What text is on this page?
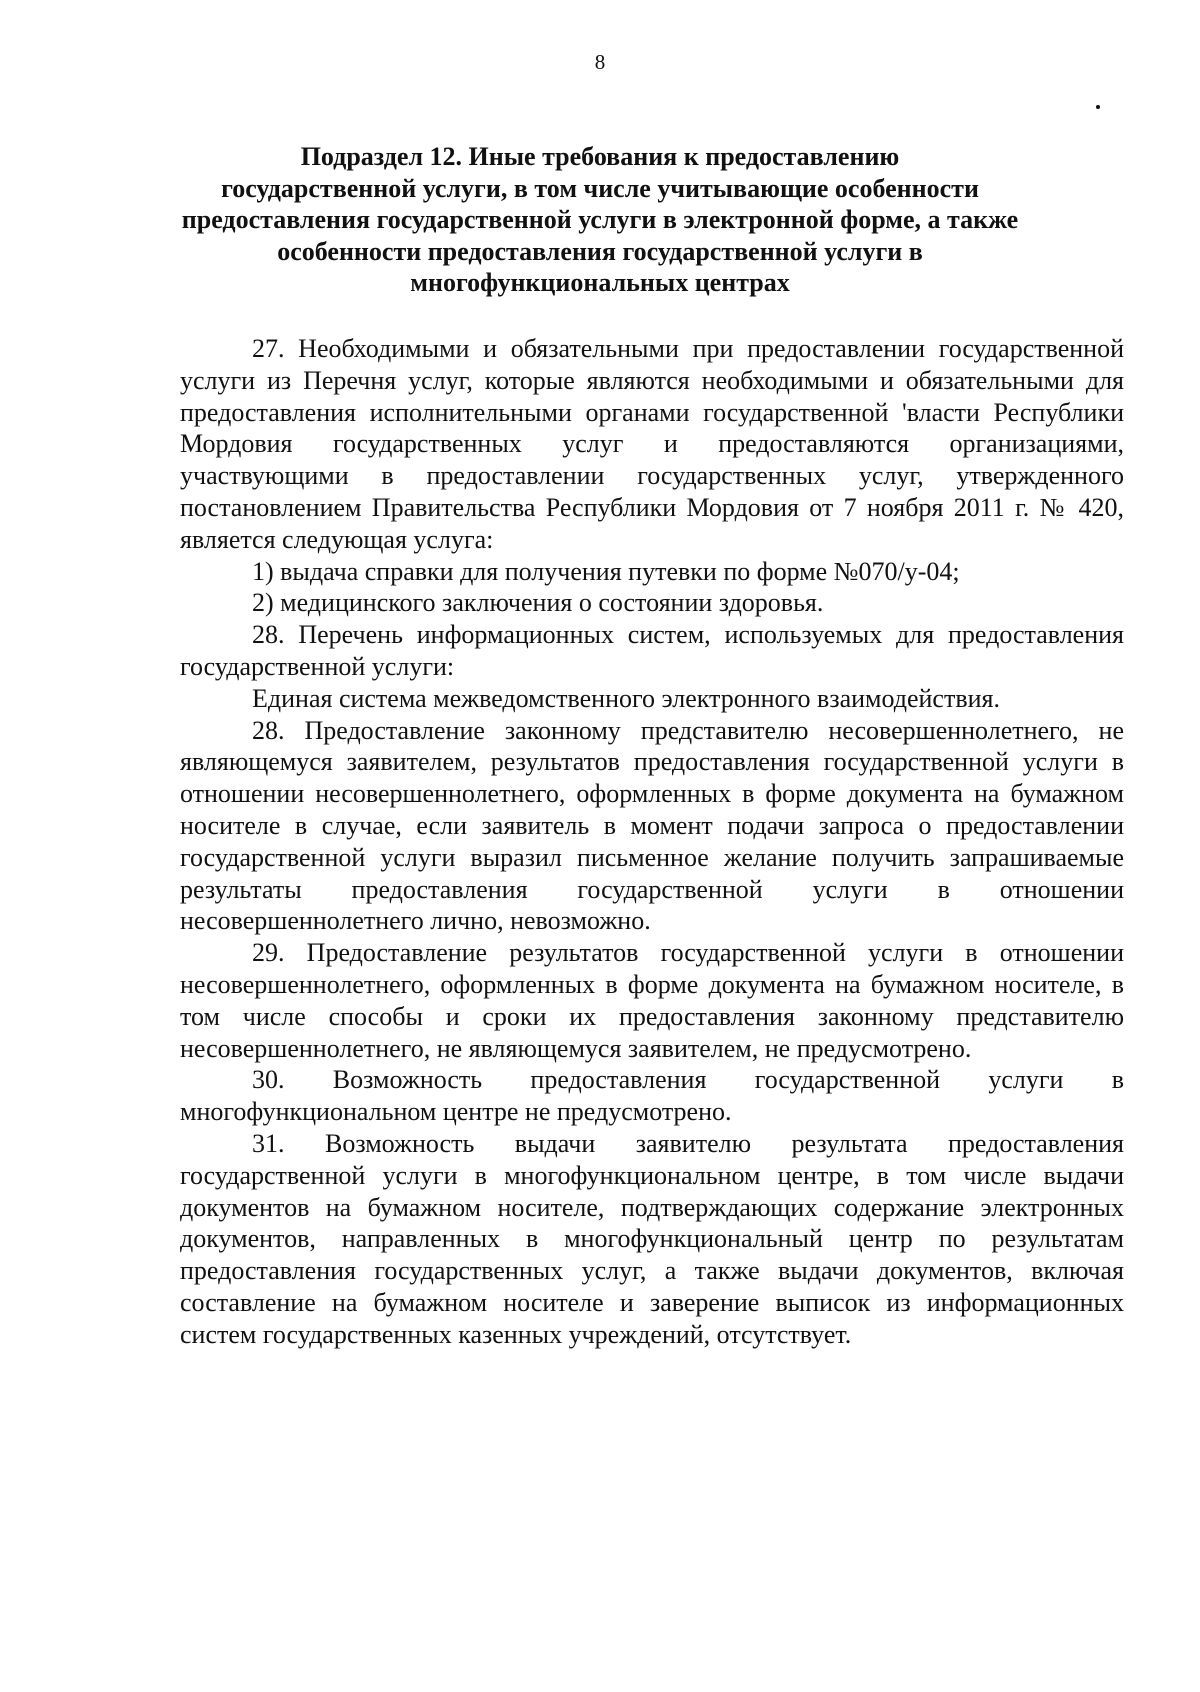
8
Подраздел 12. Иные требования к предоставлению
государственной услуги, в том числе учитывающие особенности
предоставления государственной услуги в электронной форме, а также
особенности предоставления государственной услуги в
многофункциональных центрах

27. Необходимыми и обязательными при предоставлении государственной услуги из Перечня услуг, которые являются необходимыми и обязательными для предоставления исполнительными органами государственной 'власти Республики Мордовия государственных услуг и предоставляются организациями, участвующими в предоставлении государственных услуг, утвержденного постановлением Правительства Республики Мордовия от 7 ноября 2011 г. № 420, является следующая услуга:

1) выдача справки для получения путевки по форме №070/у-04;

2) медицинского заключения о состоянии здоровья.

28. Перечень информационных систем, используемых для предоставления государственной услуги:

Единая система межведомственного электронного взаимодействия.

28. Предоставление законному представителю несовершеннолетнего, не являющемуся заявителем, результатов предоставления государственной услуги в отношении несовершеннолетнего, оформленных в форме документа на бумажном носителе в случае, если заявитель в момент подачи запроса о предоставлении государственной услуги выразил письменное желание получить запрашиваемые результаты предоставления государственной услуги в отношении несовершеннолетнего лично, невозможно.

29. Предоставление результатов государственной услуги в отношении несовершеннолетнего, оформленных в форме документа на бумажном носителе, в том числе способы и сроки их предоставления законному представителю несовершеннолетнего, не являющемуся заявителем, не предусмотрено.

30. Возможность предоставления государственной услуги в многофункциональном центре не предусмотрено.

31. Возможность выдачи заявителю результата предоставления государственной услуги в многофункциональном центре, в том числе выдачи документов на бумажном носителе, подтверждающих содержание электронных документов, направленных в многофункциональный центр по результатам предоставления государственных услуг, а также выдачи документов, включая составление на бумажном носителе и заверение выписок из информационных систем государственных казенных учреждений, отсутствует.
